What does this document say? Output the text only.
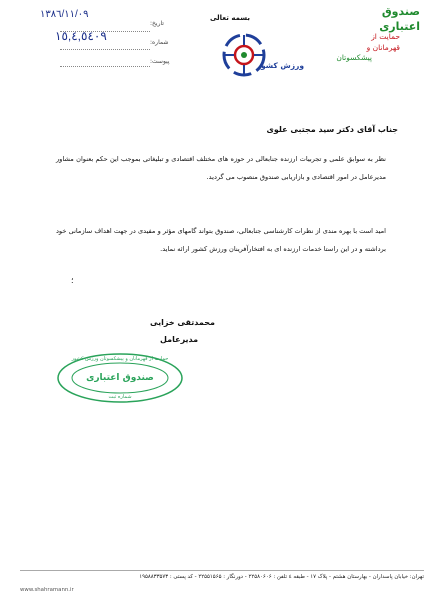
بسمه تعالی
تاریخ:
١٣٨٦/١١/٠٩
شماره:
١٥,٤,٥٤٠٩
پیوست:
صندوق
اعتباری
حمایت از
قهرمانان و
پیشکسوتان
ورزش کشور
جناب آقای دکتر سید مجتبی علوی
نظر به سوابق علمی و تجربیات ارزنده جنابعالی در حوزه های مختلف اقتصادی و تبلیغاتی بموجب این حکم بعنوان مشاور مدیرعامل در امور اقتصادی و بازاریابی صندوق منصوب می گردید.
امید است با بهره مندی از نظرات کارشناسی جنابعالی، صندوق بتواند گامهای مؤثر و مفیدی در جهت اهداف سازمانی خود برداشته و در این راستا خدمات ارزنده ای به افتخارآفرینان ورزش کشور ارائه نماید.
؛
محمدتقی خزایی
مدیرعامل
حمایت از قهرمانان و پیشکسوتان ورزش کشور
صندوق اعتباری
شماره ثبت
تهران: خیابان پاسداران - بهارستان هشتم - پلاک ۱۷ - طبقه ٤ تلفن : ۲۲۵۸۰۶۰۶ - دورنگار : ۲۲۵۵۱۵۶۵ - کد پستی : ۱۹۵۸۸۳۳۵۷۳
www.shahramann.ir
